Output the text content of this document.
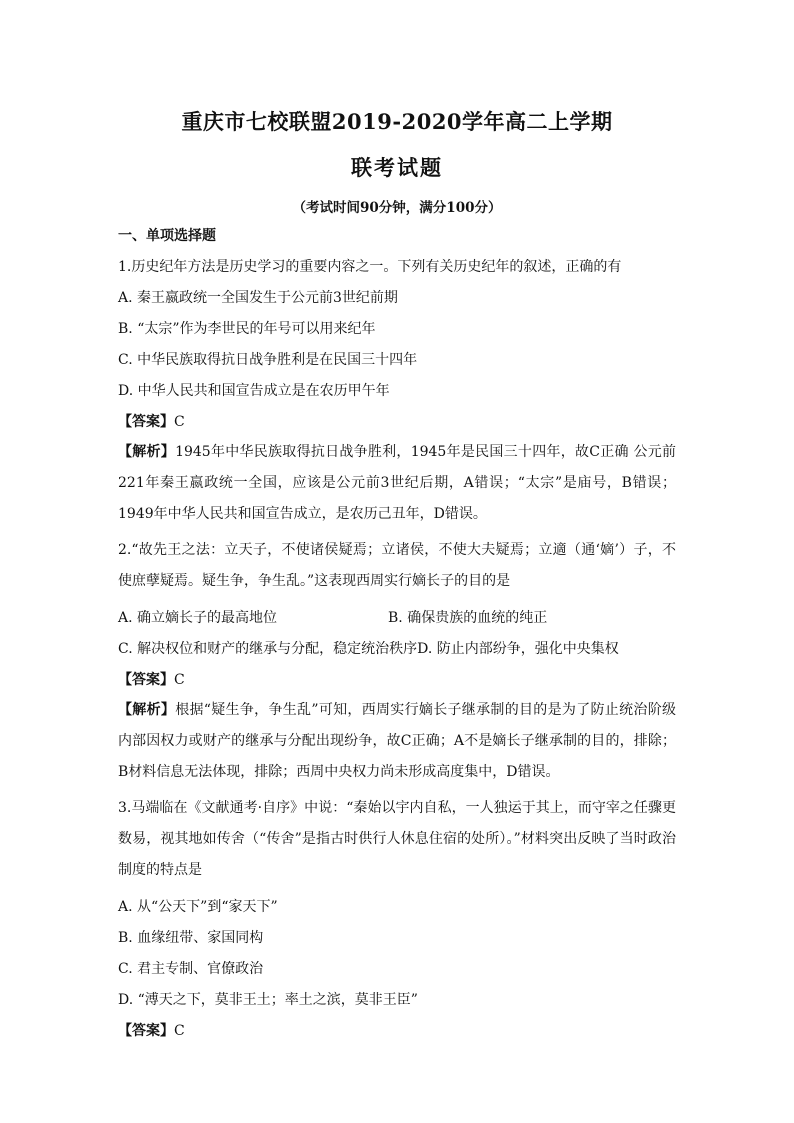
重庆市七校联盟2019-2020学年高二上学期
联考试题
（考试时间90分钟，满分100分）
一、单项选择题
1.历史纪年方法是历史学习的重要内容之一。下列有关历史纪年的叙述，正确的有
A. 秦王嬴政统一全国发生于公元前3世纪前期
B. “太宗”作为李世民的年号可以用来纪年
C. 中华民族取得抗日战争胜利是在民国三十四年
D. 中华人民共和国宣告成立是在农历甲午年
【答案】C
【解析】1945年中华民族取得抗日战争胜利，1945年是民国三十四年，故C正确 公元前221年秦王嬴政统一全国，应该是公元前3世纪后期，A错误；“太宗”是庙号，B错误；1949年中华人民共和国宣告成立，是农历己丑年，D错误。
2.“故先王之法：立天子，不使诸侯疑焉；立诸侯，不使大夫疑焉；立適（通‘嫡’）子，不使庶孽疑焉。疑生争，争生乱。”这表现西周实行嫡长子的目的是
A. 确立嫡长子的最高地位	B. 确保贵族的血统的纯正
C. 解决权位和财产的继承与分配，稳定统治秩序 D. 防止内部纷争，强化中央集权
【答案】C
【解析】根据“疑生争，争生乱”可知，西周实行嫡长子继承制的目的是为了防止统治阶级内部因权力或财产的继承与分配出现纷争，故C正确；A不是嫡长子继承制的目的，排除；B材料信息无法体现，排除；西周中央权力尚未形成高度集中，D错误。
3.马端临在《文献通考·自序》中说：“秦始以宇内自私，一人独运于其上，而守宰之任骤更数易，视其地如传舍（“传舍”是指古时供行人休息住宿的处所）。”材料突出反映了当时政治制度的特点是
A. 从“公天下”到“家天下”
B. 血缘纽带、家国同构
C. 君主专制、官僚政治
D. “溥天之下，莫非王土；率土之滨，莫非王臣”
【答案】C
